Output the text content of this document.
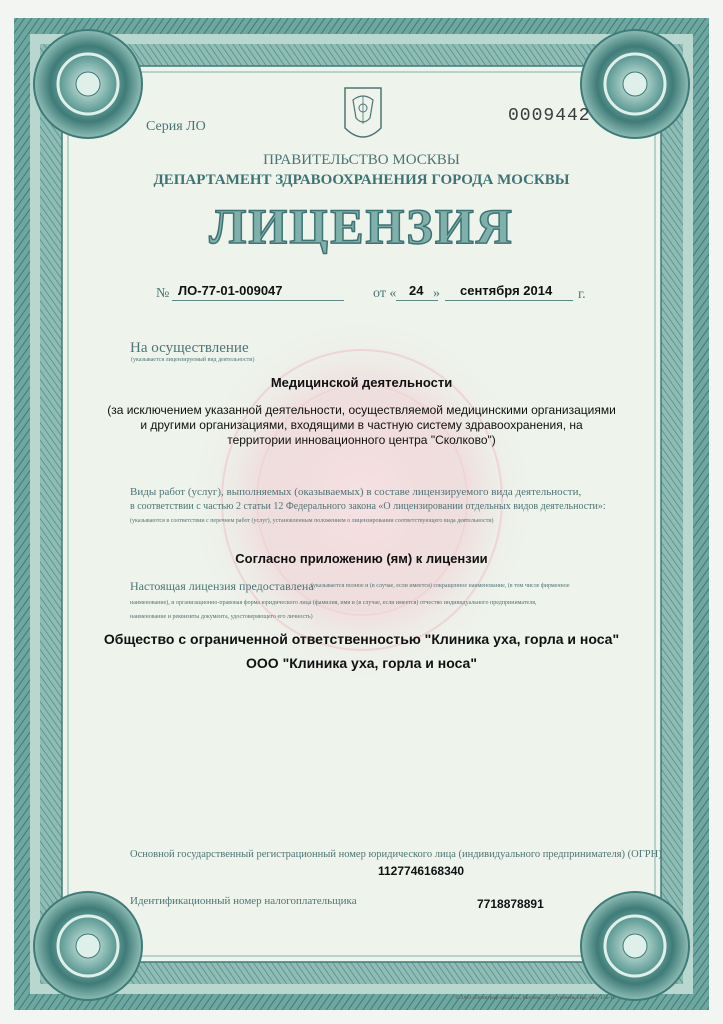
Серия ЛО
0009442
ПРАВИТЕЛЬСТВО МОСКВЫ
ДЕПАРТАМЕНТ ЗДРАВООХРАНЕНИЯ ГОРОДА МОСКВЫ
ЛИЦЕНЗИЯ
№ ЛО-77-01-009047	от « 24 » сентября 2014 г.
На осуществление
(указывается лицензируемый вид деятельности)
Медицинской деятельности
(за исключением указанной деятельности, осуществляемой медицинскими организациями
и другими организациями, входящими в частную систему здравоохранения, на
территории инновационного центра "Сколково")
Виды работ (услуг), выполняемых (оказываемых) в составе лицензируемого вида деятельности,
в соответствии с частью 2 статьи 12 Федерального закона «О лицензировании отдельных видов деятельности»:
(указываются в соответствии с перечнем работ (услуг), установленным положением о лицензировании соответствующего вида деятельности)
Согласно приложению (ям) к лицензии
Настоящая лицензия предоставлена
(указывается полное и (в случае, если имеется) сокращенное наименование, (в том числе фирменное
наименование), и организационно-правовая форма юридического лица (фамилия, имя и (в случае, если имеется) отчество индивидуального предпринимателя,
наименование и реквизиты документа, удостоверяющего его личность)
Общество с ограниченной ответственностью "Клиника уха, горла и носа"
ООО "Клиника уха, горла и носа"
Основной государственный регистрационный номер юридического лица (индивидуального предпринимателя) (ОГРН)
1127746168340
Идентификационный номер налогоплательщика	7718878891
© ЗАО «Полиграф-защита», Москва, 2012, уровень «В», лиц. 135-12
